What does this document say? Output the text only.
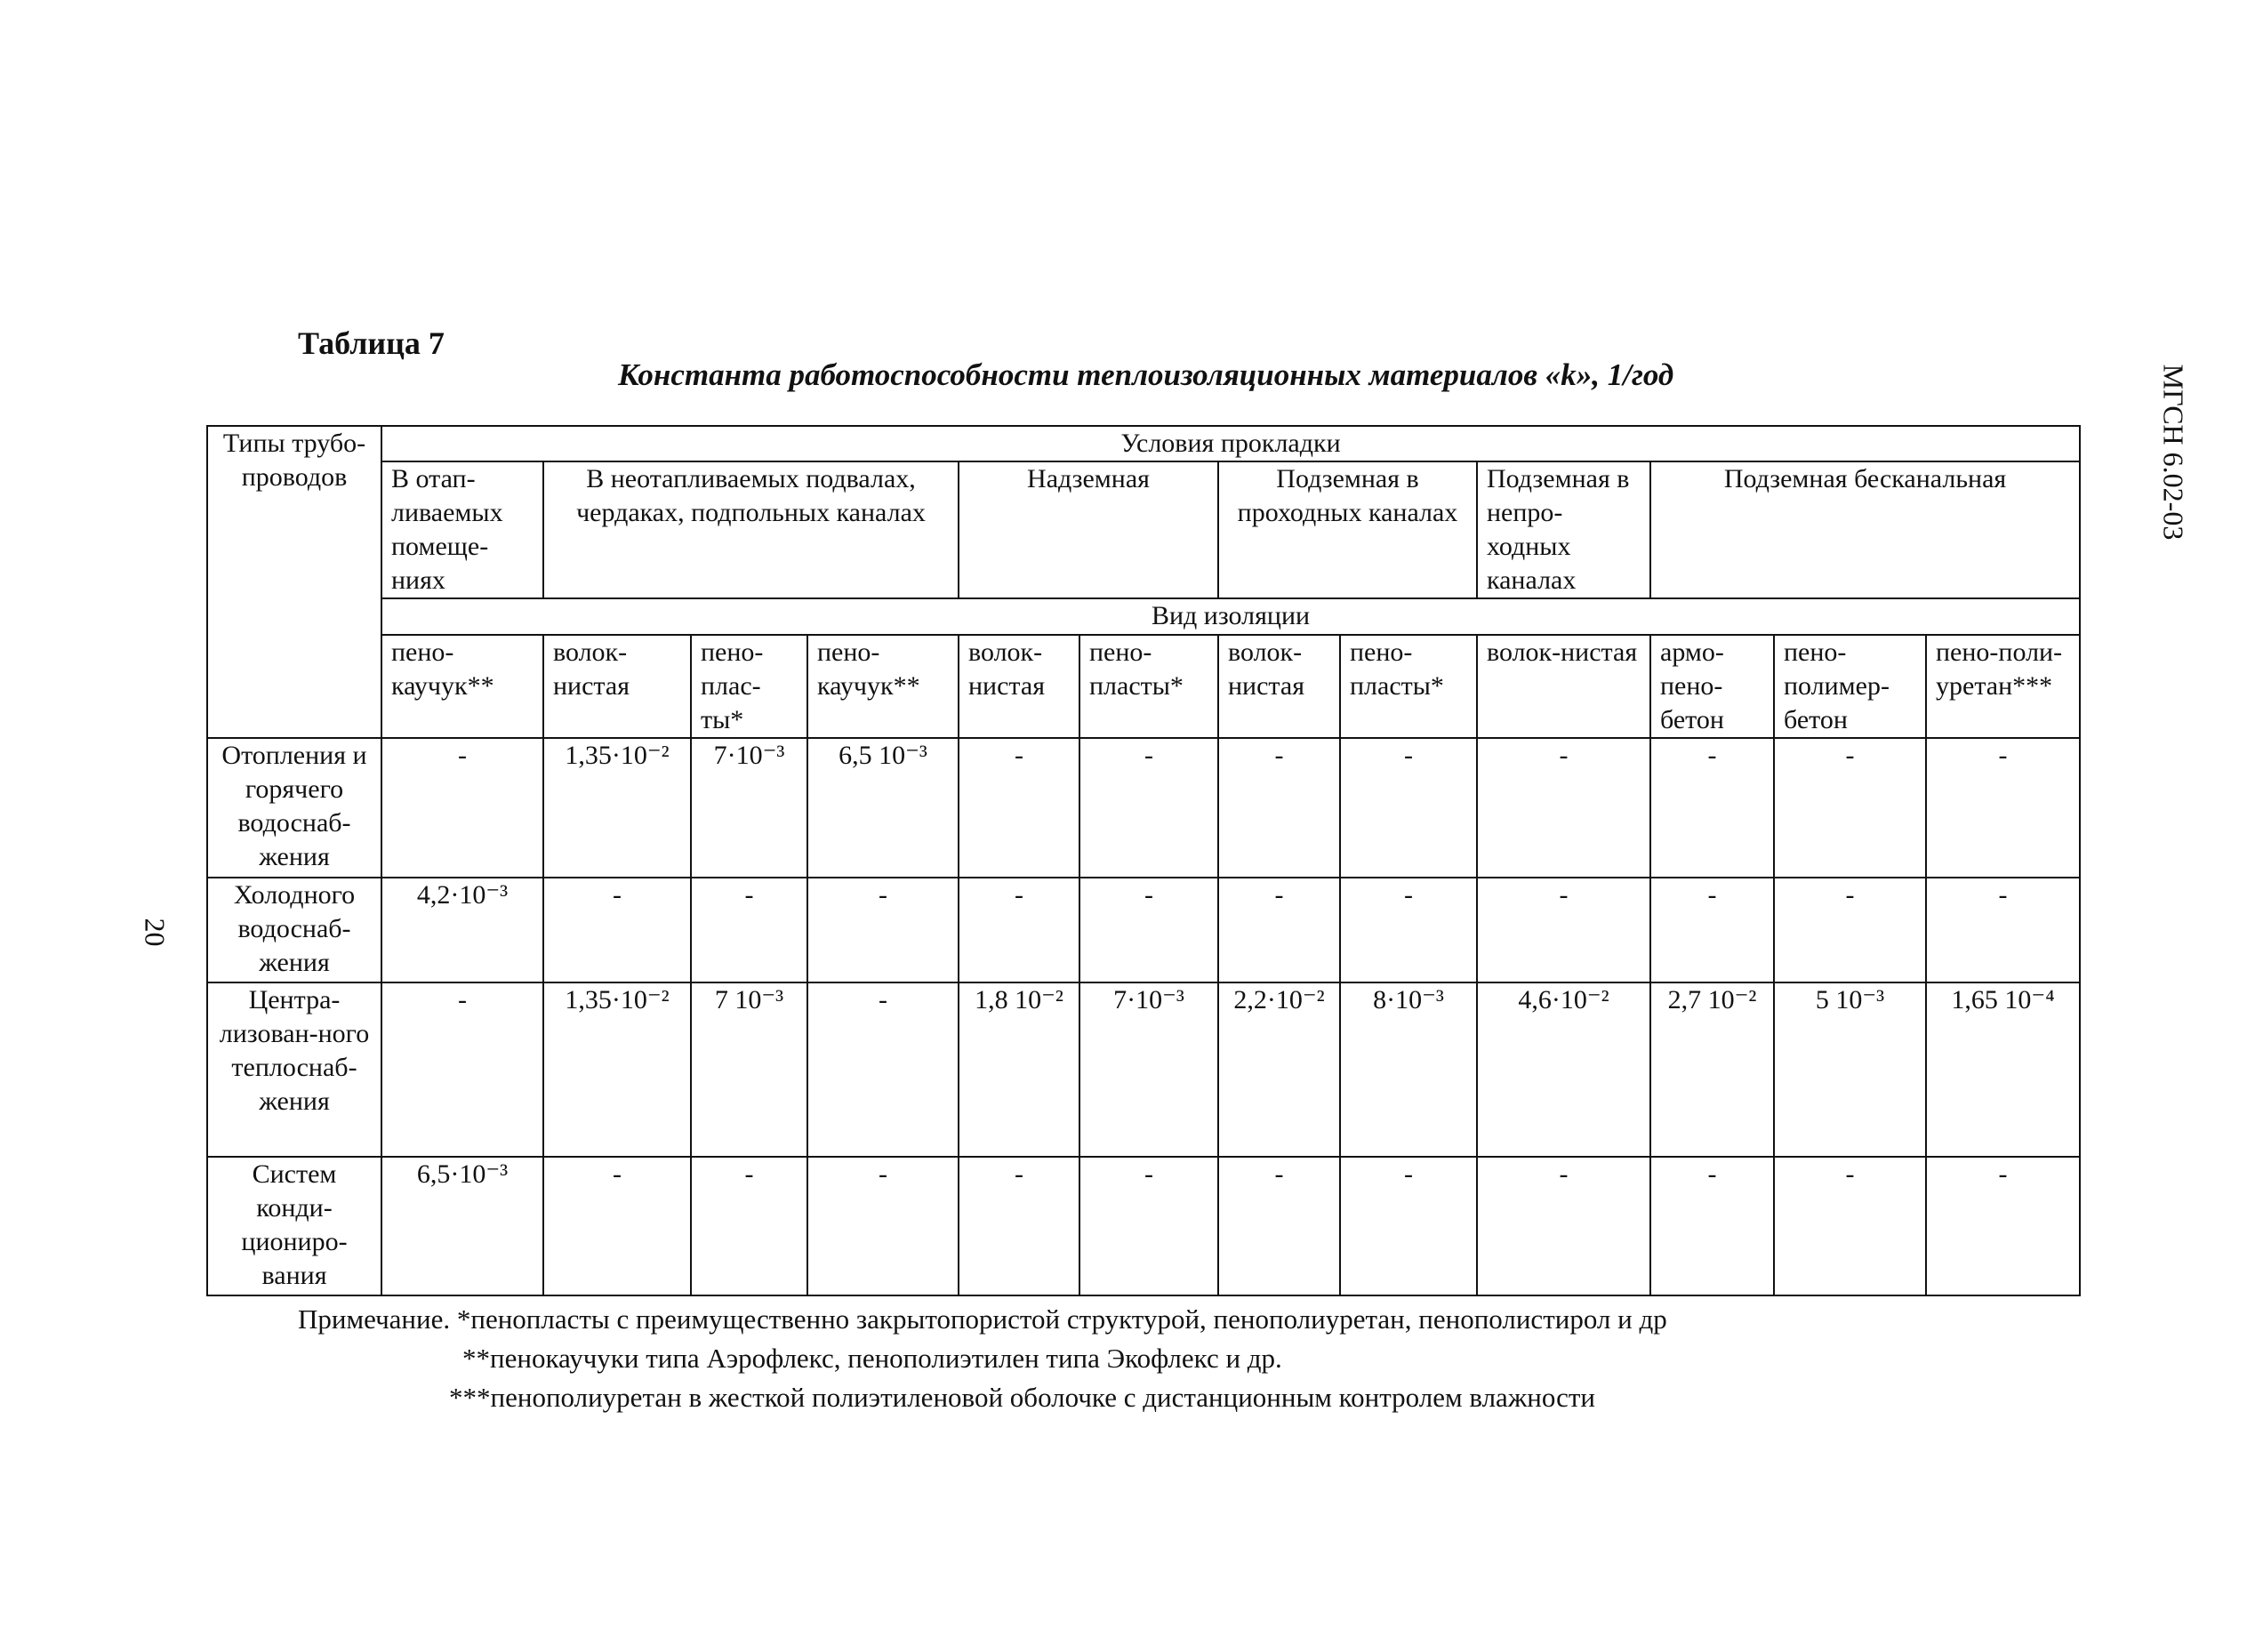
Таблица 7
Константа работоспособности теплоизоляционных материалов «k», 1/год	МГСН 6.02-03
20
Типы трубо-проводов	Условия прокладки											
	В отап-ливаемых помеще-ниях	В неотапливаемых подвалах, чердаках, подпольных каналах			Надземная		Подземная в проходных каналах		Подземная в непро-ходных каналах	Подземная бесканальная		
	Вид изоляции											
	пено-каучук**	волок-нистая	пено-плас-ты*	пено-каучук**	волок-нистая	пено-пласты*	волок-нистая	пено-пласты*	волок-нистая	армо-пено-бетон	пено-полимер-бетон	пено-поли-уретан***
Отопления и горячего водоснаб-жения	-	1,35·10⁻²	7·10⁻³	6,5 10⁻³	-	-	-	-	-	-	-	-
Холодного водоснаб-жения	4,2·10⁻³	-	-	-	-	-	-	-	-	-	-	-
Центра-лизован-ного теплоснаб-жения	-	1,35·10⁻²	7 10⁻³	-	1,8 10⁻²	7·10⁻³	2,2·10⁻²	8·10⁻³	4,6·10⁻²	2,7 10⁻²	5 10⁻³	1,65 10⁻⁴
Систем конди-циониро-вания	6,5·10⁻³	-	-	-	-	-	-	-	-	-	-	-
Примечание. *пенопласты с преимущественно закрытопористой структурой, пенополиуретан, пенополистирол и др
**пенокаучуки типа Аэрофлекс, пенополиэтилен типа Экофлекс и др.
***пенополиуретан в жесткой полиэтиленовой оболочке с дистанционным контролем влажности
